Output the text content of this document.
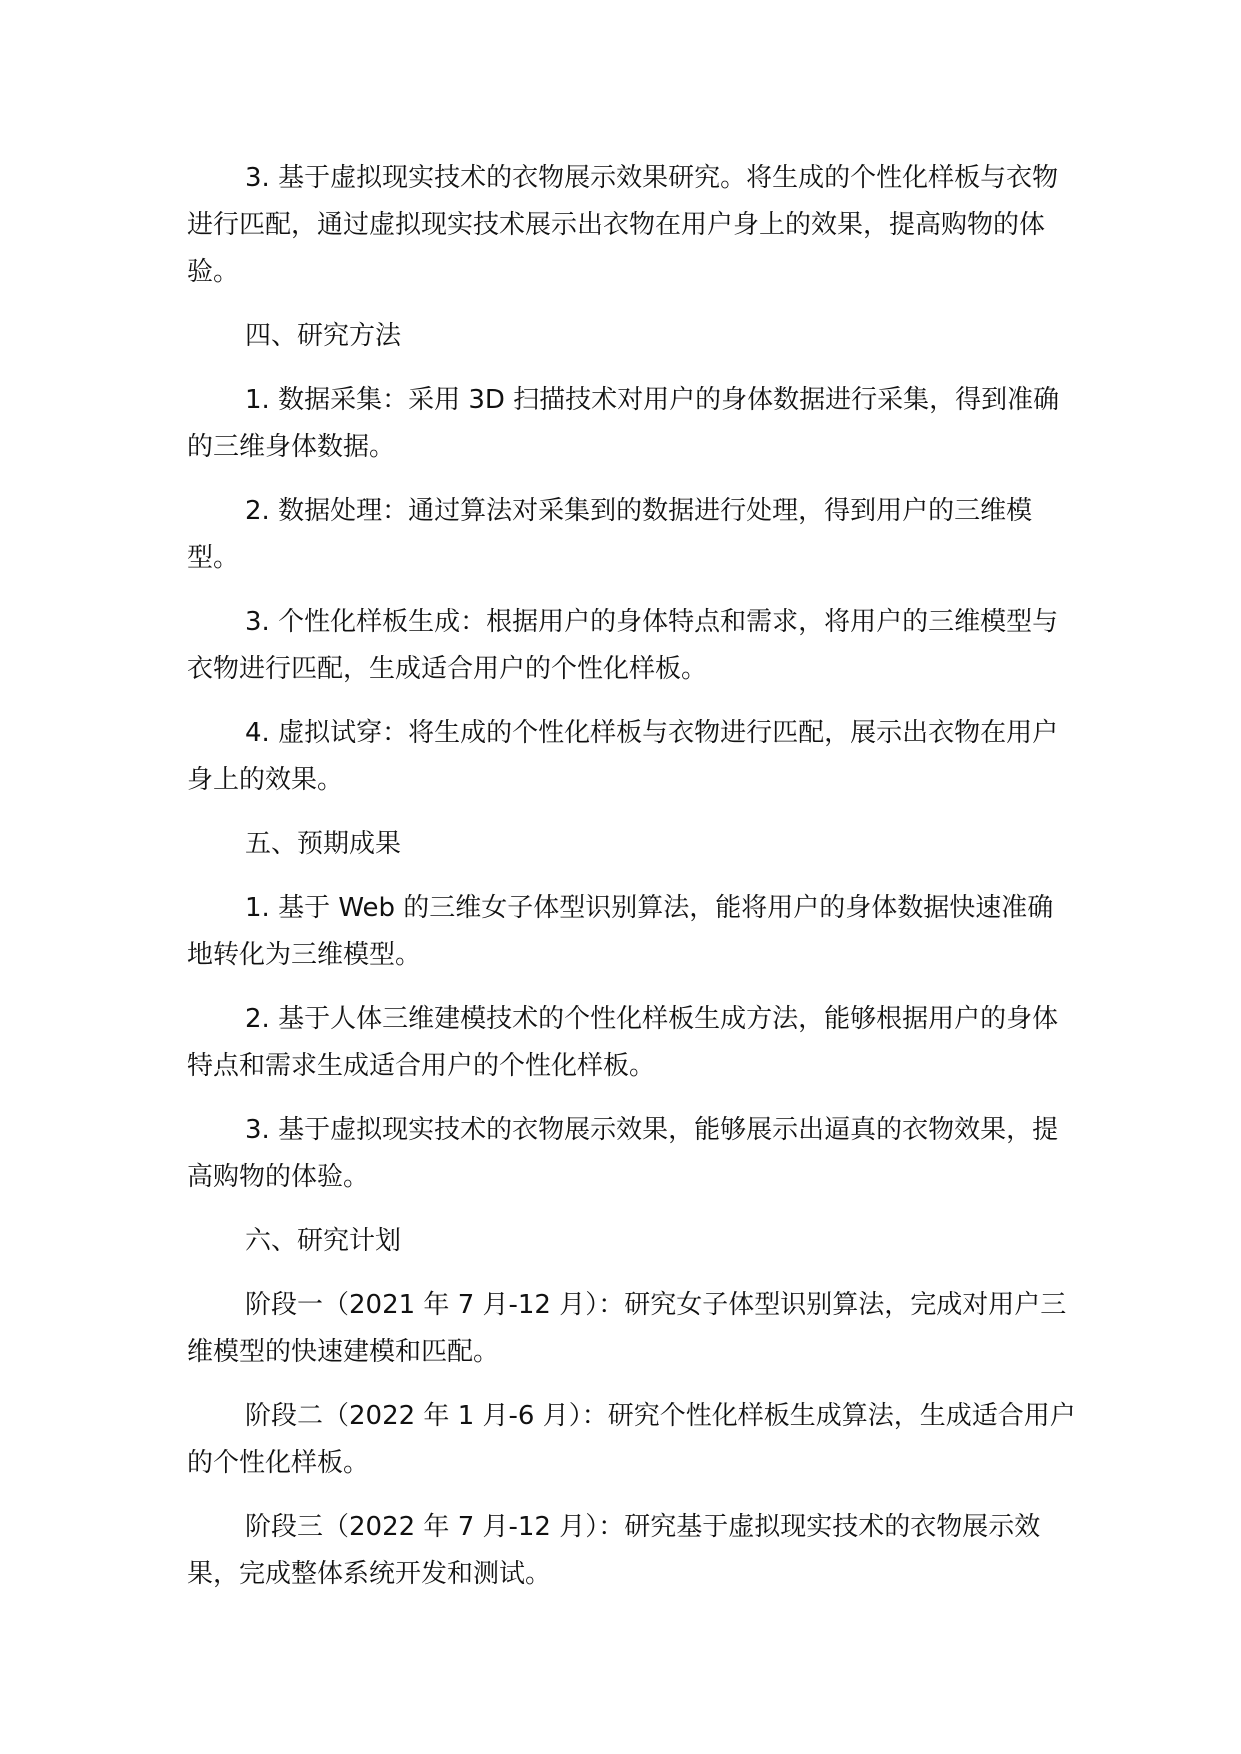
3. 基于虚拟现实技术的衣物展示效果研究。将生成的个性化样板与衣物进行匹配，通过虚拟现实技术展示出衣物在用户身上的效果，提高购物的体验。

四、研究方法

1. 数据采集：采用 3D 扫描技术对用户的身体数据进行采集，得到准确的三维身体数据。

2. 数据处理：通过算法对采集到的数据进行处理，得到用户的三维模型。

3. 个性化样板生成：根据用户的身体特点和需求，将用户的三维模型与衣物进行匹配，生成适合用户的个性化样板。

4. 虚拟试穿：将生成的个性化样板与衣物进行匹配，展示出衣物在用户身上的效果。

五、预期成果

1. 基于 Web 的三维女子体型识别算法，能将用户的身体数据快速准确地转化为三维模型。

2. 基于人体三维建模技术的个性化样板生成方法，能够根据用户的身体特点和需求生成适合用户的个性化样板。

3. 基于虚拟现实技术的衣物展示效果，能够展示出逼真的衣物效果，提高购物的体验。

六、研究计划

阶段一（2021 年 7 月-12 月）：研究女子体型识别算法，完成对用户三维模型的快速建模和匹配。

阶段二（2022 年 1 月-6 月）：研究个性化样板生成算法，生成适合用户的个性化样板。

阶段三（2022 年 7 月-12 月）：研究基于虚拟现实技术的衣物展示效果，完成整体系统开发和测试。
